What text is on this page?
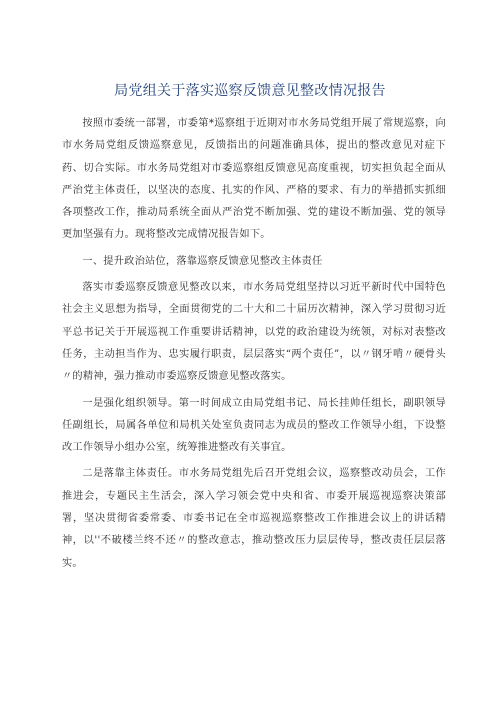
局党组关于落实巡察反馈意见整改情况报告

按照市委统一部署，市委第*巡察组于近期对市水务局党组开展了常规巡察，向市水务局党组反馈巡察意见，反馈指出的问题准确具体，提出的整改意见对症下药、切合实际。市水务局党组对市委巡察组反馈意见高度重视，切实担负起全面从严治党主体责任，以坚决的态度、扎实的作风、严格的要求、有力的举措抓实抓细各项整改工作，推动局系统全面从严治党不断加强、党的建设不断加强、党的领导更加坚强有力。现将整改完成情况报告如下。

一、提升政治站位，落靠巡察反馈意见整改主体责任

落实市委巡察反馈意见整改以来，市水务局党组坚持以习近平新时代中国特色社会主义思想为指导，全面贯彻党的二十大和二十届历次精神，深入学习贯彻习近平总书记关于开展巡视工作重要讲话精神，以党的政治建设为统领，对标对表整改任务，主动担当作为、忠实履行职责，层层落实“两个责任”，以〃钢牙啃〃硬骨头〃的精神，强力推动市委巡察反馈意见整改落实。

一是强化组织领导。第一时间成立由局党组书记、局长挂帅任组长，副职领导任副组长，局属各单位和局机关处室负责同志为成员的整改工作领导小组，下设整改工作领导小组办公室，统筹推进整改有关事宜。

二是落靠主体责任。市水务局党组先后召开党组会议，巡察整改动员会，工作推进会，专题民主生活会，深入学习领会党中央和省、市委开展巡视巡察决策部署，坚决贯彻省委常委、市委书记在全市巡视巡察整改工作推进会议上的讲话精神，以''不破楼兰终不还〃的整改意志，推动整改压力层层传导，整改责任层层落实。
